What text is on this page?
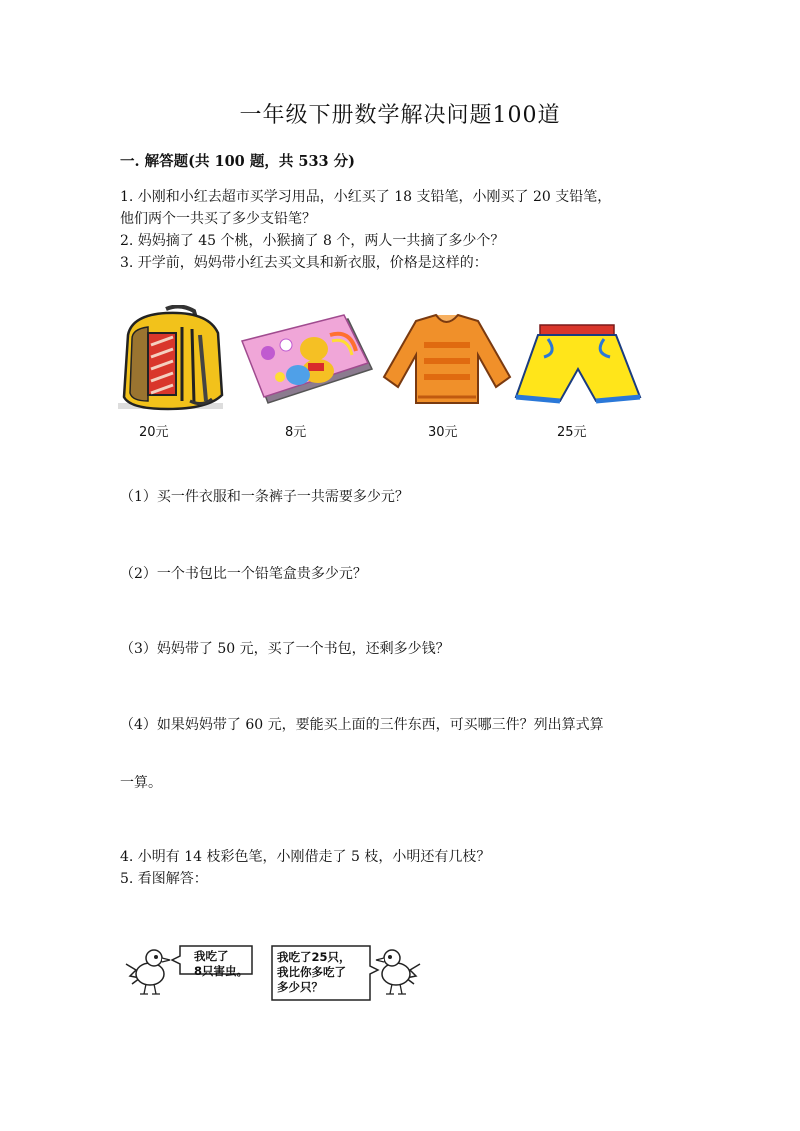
一年级下册数学解决问题100道
一. 解答题(共 100 题，共 533 分)
1. 小刚和小红去超市买学习用品，小红买了 18 支铅笔，小刚买了 20 支铅笔，
他们两个一共买了多少支铅笔？
2. 妈妈摘了 45 个桃，小猴摘了 8 个，两人一共摘了多少个？
3. 开学前，妈妈带小红去买文具和新衣服，价格是这样的：
20元	8元	30元	25元
（1）买一件衣服和一条裤子一共需要多少元？
（2）一个书包比一个铅笔盒贵多少元？
（3）妈妈带了 50 元，买了一个书包，还剩多少钱？
（4）如果妈妈带了 60 元，要能买上面的三件东西，可买哪三件？列出算式算
一算。
4. 小明有 14 枝彩色笔，小刚借走了 5 枝，小明还有几枝？
5. 看图解答：
我吃了
8只害虫。
我吃了25只，
我比你多吃了
多少只？
